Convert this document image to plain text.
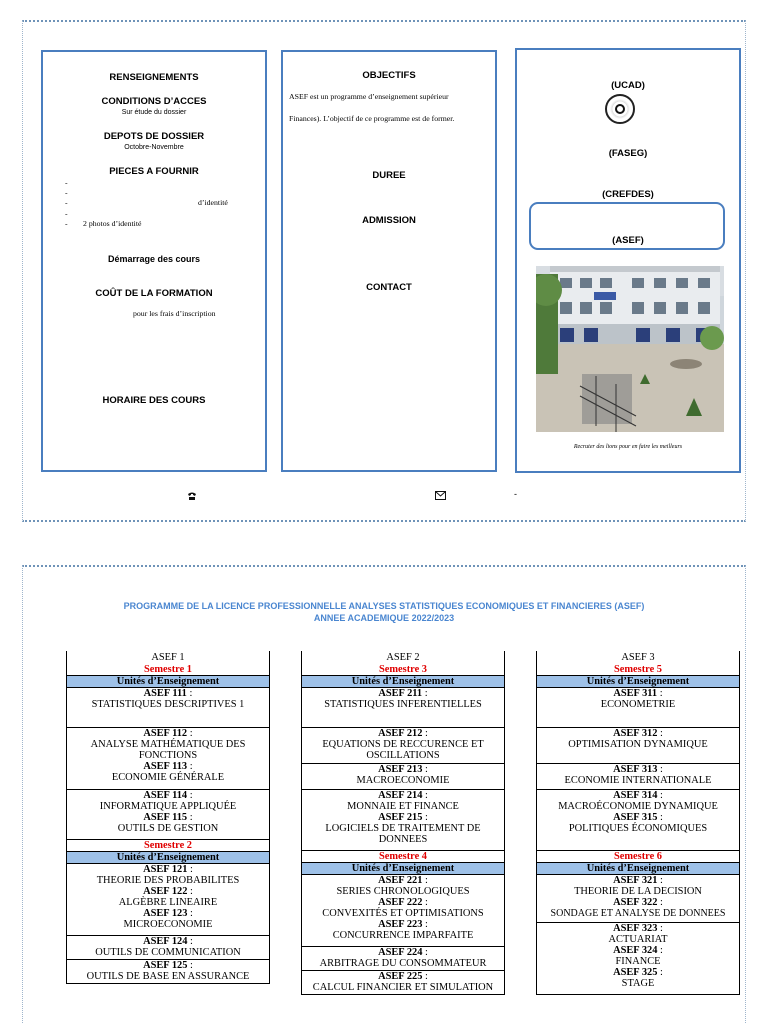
RENSEIGNEMENTS
CONDITIONS D’ACCES
Sur étude du dossier
DEPOTS DE DOSSIER
Octobre-Novembre
PIECES A FOURNIR
-
-
-	d’identité
-
- 2 photos d’identité
Démarrage des cours
COȖT DE LA FORMATION
pour les frais d’inscription
HORAIRE DES COURS
OBJECTIFS
ASEF est un programme d’enseignement supérieur
Finances). L’objectif de ce programme est de former.
DUREE
ADMISSION
CONTACT
(UCAD)
(FASEG)
(CREFDES)
(ASEF)
Recruter des lions pour en faire les meilleurs
-
PROGRAMME DE LA LICENCE PROFESSIONNELLE ANALYSES STATISTIQUES ECONOMIQUES ET FINANCIERES (ASEF)
ANNEE ACADEMIQUE 2022/2023
ASEF 1
Semestre 1
Unités d’Enseignement
ASEF 111 :
STATISTIQUES DESCRIPTIVES 1
ASEF 112 :
ANALYSE MATHÉMATIQUE DES FONCTIONS
ASEF 113 :
ECONOMIE GÉNÉRALE
ASEF 114 :
INFORMATIQUE APPLIQUÉE
ASEF 115 :
OUTILS DE GESTION
Semestre 2
Unités d’Enseignement
ASEF 121 :
THEORIE DES PROBABILITES
ASEF 122 :
ALGÈBRE LINEAIRE
ASEF 123 :
MICROECONOMIE
ASEF 124 :
OUTILS DE COMMUNICATION
ASEF 125 :
OUTILS DE BASE EN ASSURANCE
ASEF 2
Semestre 3
Unités d’Enseignement
ASEF 211 :
STATISTIQUES INFERENTIELLES
ASEF 212 :
EQUATIONS DE RECCURENCE ET OSCILLATIONS
ASEF 213 :
MACROECONOMIE
ASEF 214 :
MONNAIE ET FINANCE
ASEF 215 :
LOGICIELS DE TRAITEMENT DE DONNEES
Semestre 4
Unités d’Enseignement
ASEF 221 :
SERIES CHRONOLOGIQUES
ASEF 222 :
CONVEXITÉS ET OPTIMISATIONS
ASEF 223 :
CONCURRENCE IMPARFAITE
ASEF 224 :
ARBITRAGE DU CONSOMMATEUR
ASEF 225 :
CALCUL FINANCIER ET SIMULATION
ASEF 3
Semestre 5
Unités d’Enseignement
ASEF 311 :
ECONOMETRIE
ASEF 312 :
OPTIMISATION DYNAMIQUE
ASEF 313 :
ECONOMIE INTERNATIONALE
ASEF 314 :
MACROÉCONOMIE DYNAMIQUE
ASEF 315 :
POLITIQUES ÉCONOMIQUES
Semestre 6
Unités d’Enseignement
ASEF 321 :
THEORIE DE LA DECISION
ASEF 322 :
SONDAGE ET ANALYSE DE DONNEES
ASEF 323 :
ACTUARIAT
ASEF 324 :
FINANCE
ASEF 325 :
STAGE
